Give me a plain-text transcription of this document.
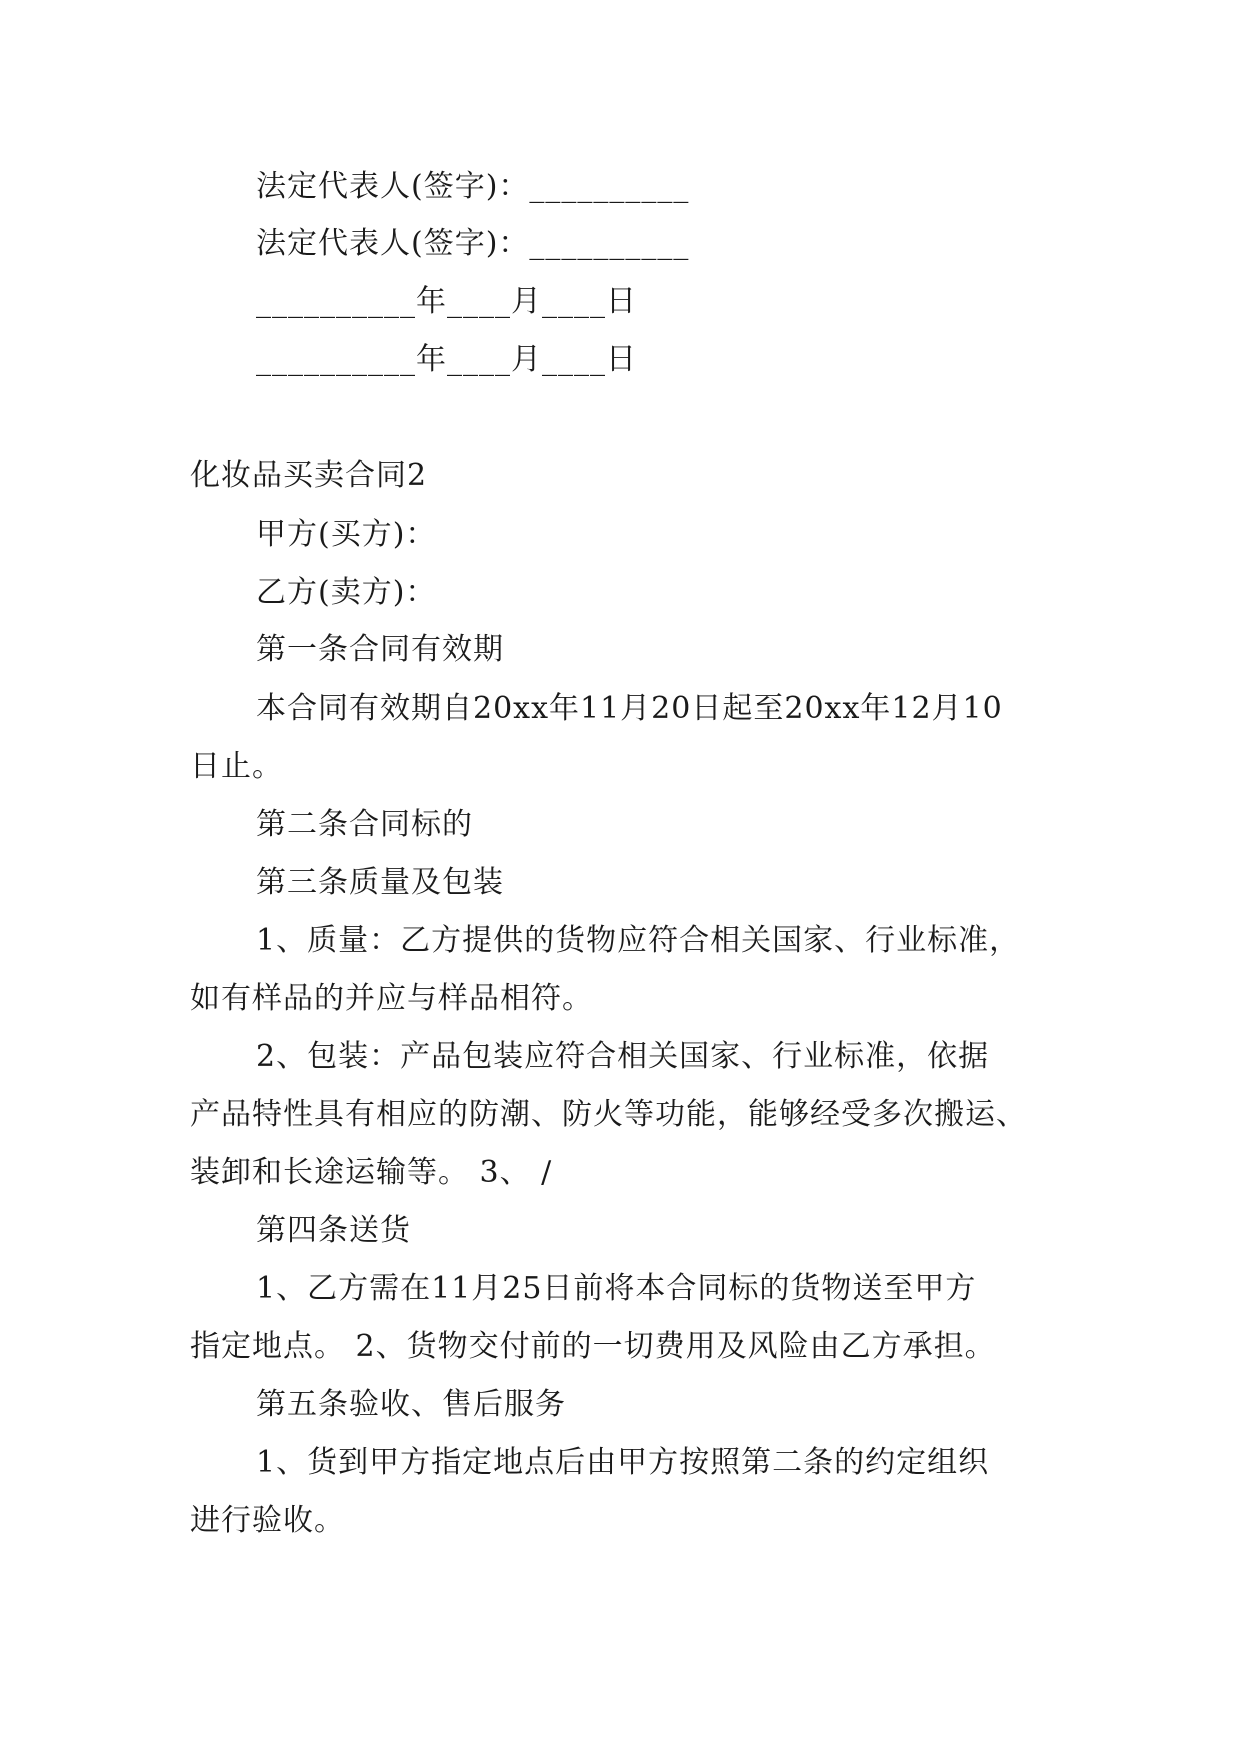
法定代表人(签字)：__________
法定代表人(签字)：__________
__________年____月____日
__________年____月____日
化妆品买卖合同2
甲方(买方)：
乙方(卖方)：
第一条合同有效期
本合同有效期自20xx年11月20日起至20xx年12月10
日止。
第二条合同标的
第三条质量及包装
1、质量：乙方提供的货物应符合相关国家、行业标准，
如有样品的并应与样品相符。
2、包装：产品包装应符合相关国家、行业标准，依据
产品特性具有相应的防潮、防火等功能，能够经受多次搬运、
装卸和长途运输等。 3、 /
第四条送货
1、乙方需在11月25日前将本合同标的货物送至甲方
指定地点。 2、货物交付前的一切费用及风险由乙方承担。
第五条验收、售后服务
1、货到甲方指定地点后由甲方按照第二条的约定组织
进行验收。
